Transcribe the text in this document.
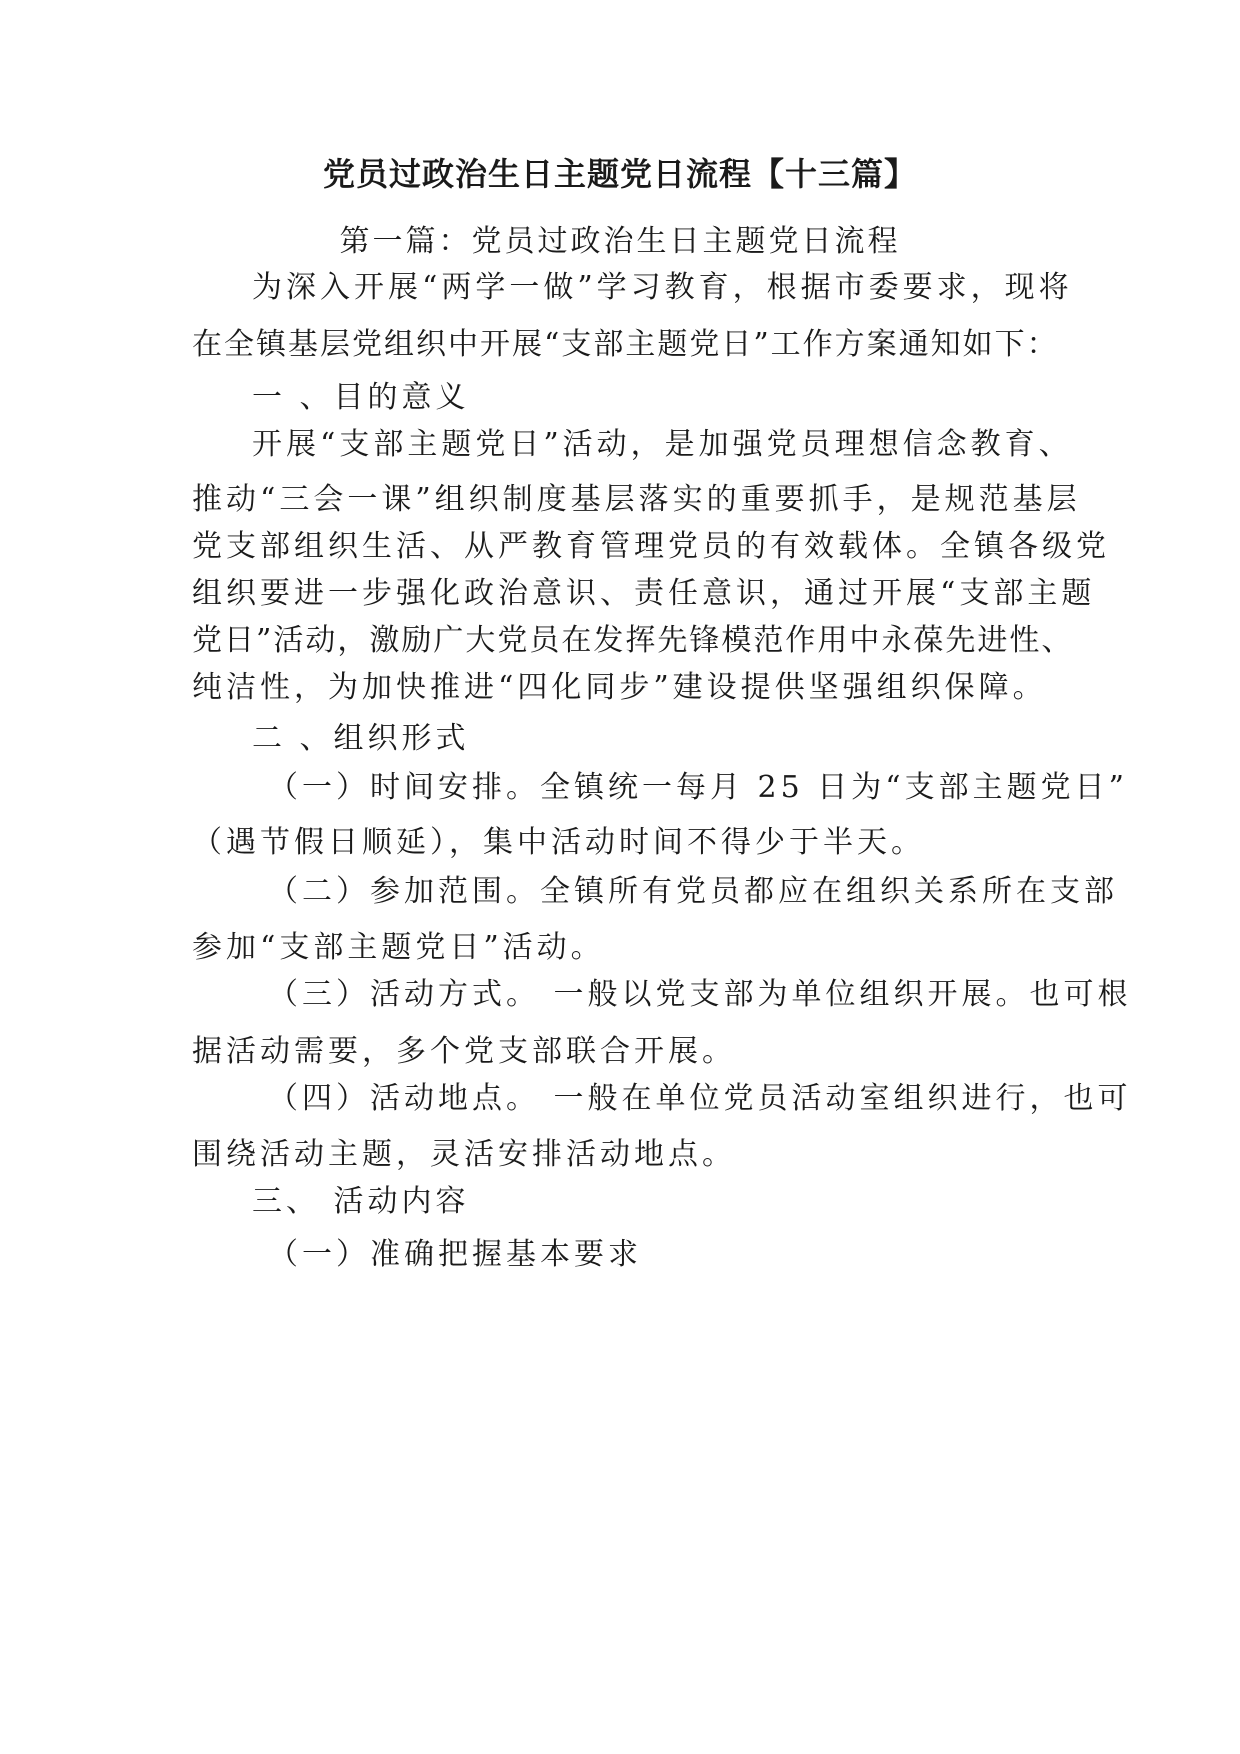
党员过政治生日主题党日流程【十三篇】
第一篇：党员过政治生日主题党日流程
为深入开展“两学一做”学习教育，根据市委要求，现将
在全镇基层党组织中开展“支部主题党日”工作方案通知如下：
一 、目的意义
开展“支部主题党日”活动，是加强党员理想信念教育、
推动“三会一课”组织制度基层落实的重要抓手，是规范基层
党支部组织生活、从严教育管理党员的有效载体。全镇各级党
组织要进一步强化政治意识、责任意识，通过开展“支部主题
党日”活动，激励广大党员在发挥先锋模范作用中永葆先进性、
纯洁性，为加快推进“四化同步”建设提供坚强组织保障。
二 、组织形式
（一）时间安排。全镇统一每月 25 日为“支部主题党日”
（遇节假日顺延），集中活动时间不得少于半天。
（二）参加范围。全镇所有党员都应在组织关系所在支部
参加“支部主题党日”活动。
（三）活动方式。 一般以党支部为单位组织开展。也可根
据活动需要，多个党支部联合开展。
（四）活动地点。 一般在单位党员活动室组织进行，也可
围绕活动主题，灵活安排活动地点。
三、 活动内容
（一）准确把握基本要求
